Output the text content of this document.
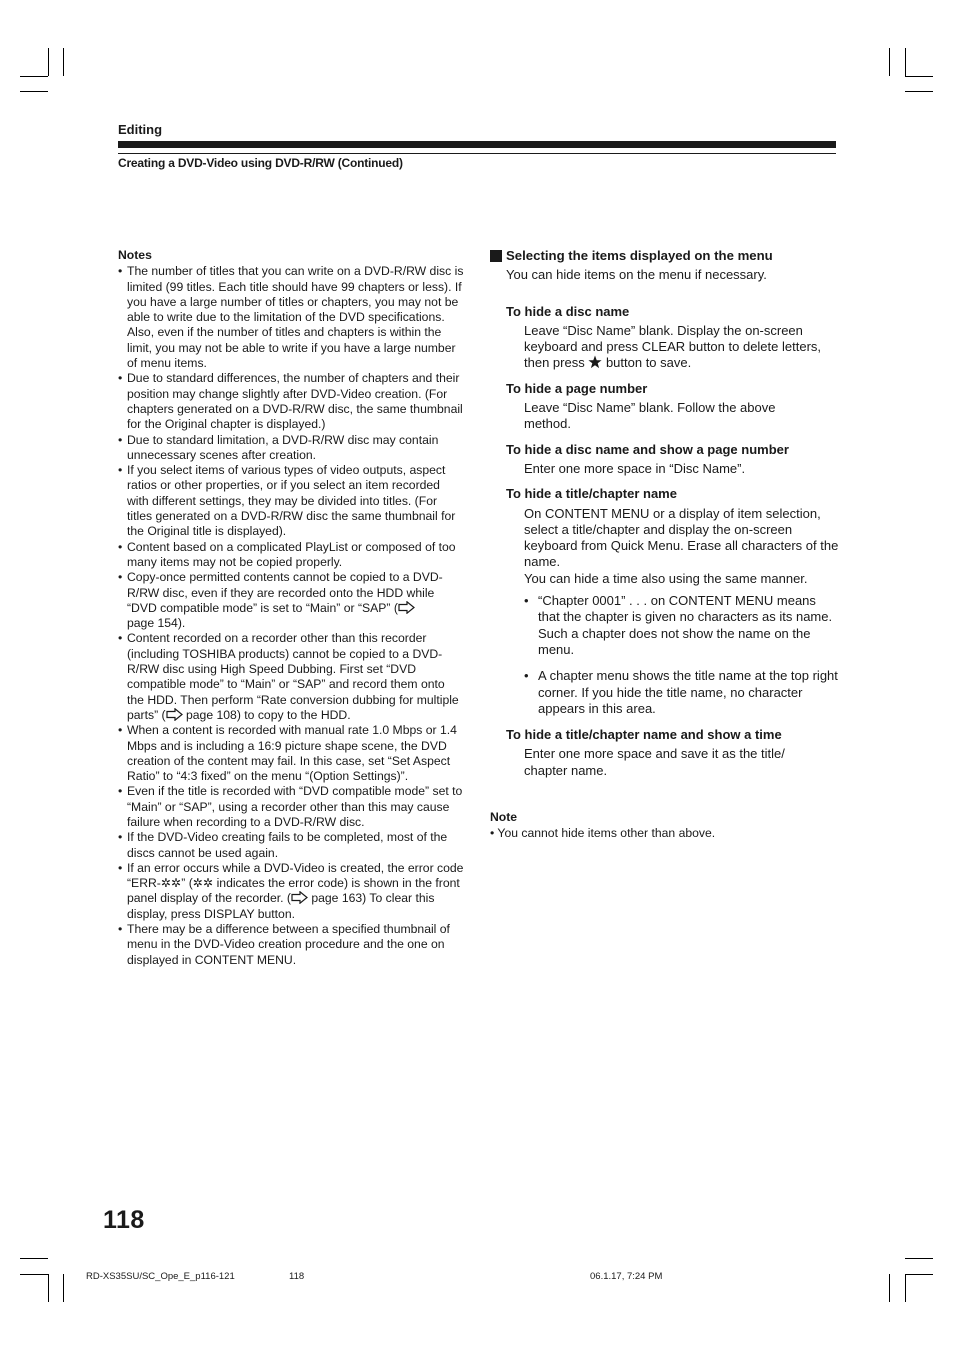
Editing
Creating a DVD-Video using DVD-R/RW (Continued)
Notes
• The number of titles that you can write on a DVD-R/RW disc is limited (99 titles. Each title should have 99 chapters or less). If you have a large number of titles or chapters, you may not be able to write due to the limitation of the DVD specifications. Also, even if the number of titles and chapters is within the limit, you may not be able to write if you have a large number of menu items.
• Due to standard differences, the number of chapters and their position may change slightly after DVD-Video creation. (For chapters generated on a DVD-R/RW disc, the same thumbnail for the Original chapter is displayed.)
• Due to standard limitation, a DVD-R/RW disc may contain unnecessary scenes after creation.
• If you select items of various types of video outputs, aspect ratios or other properties, or if you select an item recorded with different settings, they may be divided into titles. (For titles generated on a DVD-R/RW disc the same thumbnail for the Original title is displayed).
• Content based on a complicated PlayList or composed of too many items may not be copied properly.
• Copy-once permitted contents cannot be copied to a DVD-R/RW disc, even if they are recorded onto the HDD while “DVD compatible mode” is set to “Main” or “SAP” (
page 154).
• Content recorded on a recorder other than this recorder (including TOSHIBA products) cannot be copied to a DVD-R/RW disc using High Speed Dubbing. First set “DVD compatible mode” to “Main” or “SAP” and record them onto the HDD. Then perform “Rate conversion dubbing for multiple parts” ( page 108) to copy to the HDD.
• When a content is recorded with manual rate 1.0 Mbps or 1.4 Mbps and is including a 16:9 picture shape scene, the DVD creation of the content may fail. In this case, set “Set Aspect Ratio” to “4:3 fixed” on the menu “(Option Settings)”.
• Even if the title is recorded with “DVD compatible mode” set to “Main” or “SAP”, using a recorder other than this may cause failure when recording to a DVD-R/RW disc.
• If the DVD-Video creating fails to be completed, most of the discs cannot be used again.
• If an error occurs while a DVD-Video is created, the error code “ERR-✲✲” (✲✲ indicates the error code) is shown in the front panel display of the recorder. ( page 163) To clear this display, press DISPLAY button.
• There may be a difference between a specified thumbnail of menu in the DVD-Video creation procedure and the one on displayed in CONTENT MENU.
Selecting the items displayed on the menu
You can hide items on the menu if necessary.
To hide a disc name
Leave “Disc Name” blank. Display the on-screen keyboard and press CLEAR button to delete letters, then press  button to save.
To hide a page number
Leave “Disc Name” blank. Follow the above method.
To hide a disc name and show a page number
Enter one more space in “Disc Name”.
To hide a title/chapter name
On CONTENT MENU or a display of item selection, select a title/chapter and display the on-screen keyboard from Quick Menu. Erase all characters of the name.
You can hide a time also using the same manner.
• “Chapter 0001” . . . on CONTENT MENU means that the chapter is given no characters as its name. Such a chapter does not show the name on the menu.
• A chapter menu shows the title name at the top right corner. If you hide the title name, no character appears in this area.
To hide a title/chapter name and show a time
Enter one more space and save it as the title/ chapter name.
Note
• You cannot hide items other than above.
118
RD-XS35SU/SC_Ope_E_p116-121	118	06.1.17, 7:24 PM
